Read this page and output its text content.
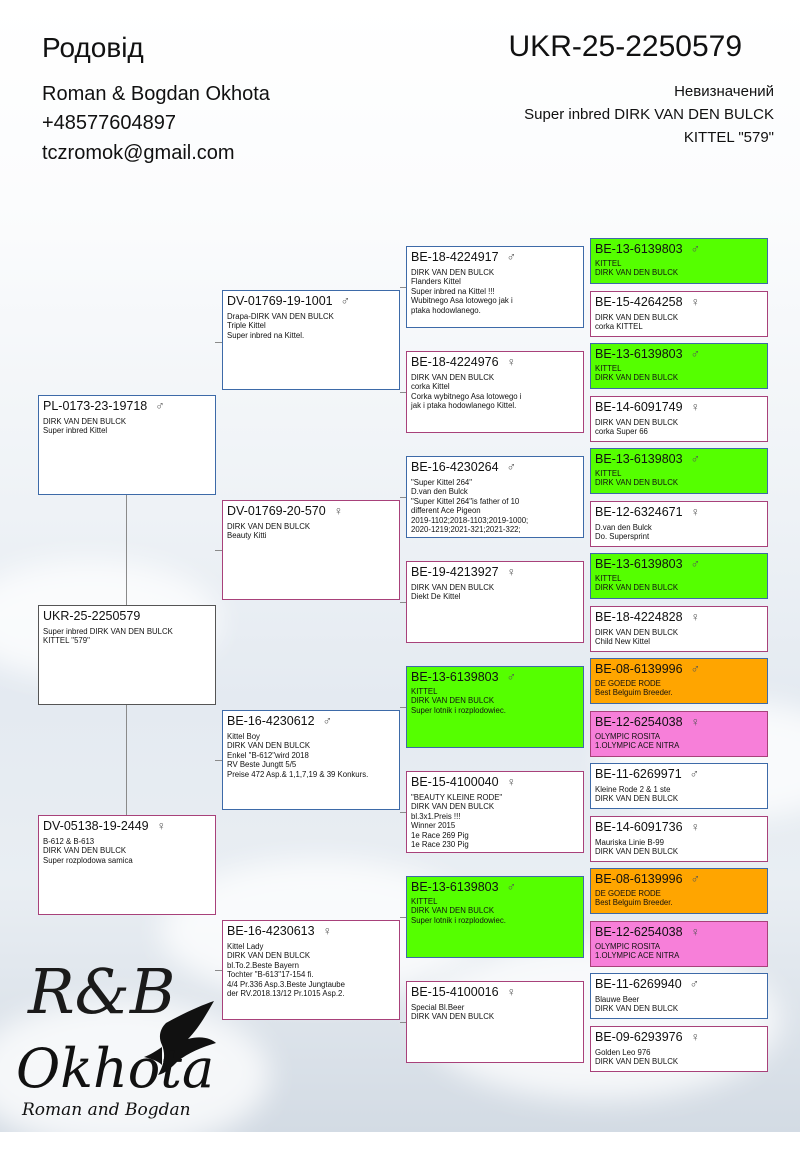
Родовід	UKR-25-2250579
Roman & Bogdan Okhota
+48577604897
tczromok@gmail.com
Невизначений
Super inbred DIRK VAN DEN BULCK
KITTEL "579"
PL-0173-23-19718 ♂
DIRK VAN DEN BULCK
Super inbred Kittel
UKR-25-2250579
Super inbred DIRK VAN DEN BULCK
KITTEL "579"
DV-05138-19-2449 ♀
B-612 & B-613
DIRK VAN DEN BULCK
Super rozplodowa samica
DV-01769-19-1001 ♂
Drapa-DIRK VAN DEN BULCK
Triple Kittel
Super inbred na Kittel.
DV-01769-20-570 ♀
DIRK VAN DEN BULCK
Beauty Kitti
BE-16-4230612 ♂
Kittel Boy
DIRK VAN DEN BULCK
Enkel "B-612"wird 2018
RV Beste Jungtt 5/5
Preise 472 Asp.& 1,1,7,19 & 39 Konkurs.
BE-16-4230613 ♀
Kittel Lady
DIRK VAN DEN BULCK
bl.To.2.Beste Bayern
Tochter "B-613"17-154 fi.
4/4 Pr.336 Asp.3.Beste Jungtaube
der RV.2018.13/12 Pr.1015 Asp.2.
BE-18-4224917 ♂
DIRK VAN DEN BULCK
Flanders Kittel
Super inbred na Kittel !!!
Wubitnego Asa lotowego jak i
ptaka hodowlanego.
BE-18-4224976 ♀
DIRK VAN DEN BULCK
corka Kittel
Corka wybitnego Asa lotowego i
jak i ptaka hodowlanego Kittel.
BE-16-4230264 ♂
"Super Kittel 264"
D.van den Bulck
"Super Kittel 264"is father of 10
different Ace Pigeon
2019-1102;2018-1103;2019-1000;
2020-1219;2021-321;2021-322;
BE-19-4213927 ♀
DIRK VAN DEN BULCK
Diekt De Kittel
BE-13-6139803 ♂
KITTEL
DIRK VAN DEN BULCK
Super lotnik i rozplodowiec.
BE-15-4100040 ♀
"BEAUTY KLEINE RODE"
DIRK VAN DEN BULCK
bl.3x1.Preis !!!
Winner 2015
1e Race 269 Pig
1e Race 230 Pig
BE-13-6139803 ♂
KITTEL
DIRK VAN DEN BULCK
Super lotnik i rozplodowiec.
BE-15-4100016 ♀
Special Bl.Beer
DIRK VAN DEN BULCK
BE-13-6139803 ♂
KITTEL
DIRK VAN DEN BULCK
BE-15-4264258 ♀
DIRK VAN DEN BULCK
corka KITTEL
BE-13-6139803 ♂
KITTEL
DIRK VAN DEN BULCK
BE-14-6091749 ♀
DIRK VAN DEN BULCK
corka Super 66
BE-13-6139803 ♂
KITTEL
DIRK VAN DEN BULCK
BE-12-6324671 ♀
D.van den Bulck
Do. Supersprint
BE-13-6139803 ♂
KITTEL
DIRK VAN DEN BULCK
BE-18-4224828 ♀
DIRK VAN DEN BULCK
Child New Kittel
BE-08-6139996 ♂
DE GOEDE RODE
Best Belguim Breeder.
BE-12-6254038 ♀
OLYMPIC ROSITA
1.OLYMPIC ACE NITRA
BE-11-6269971 ♂
Kleine Rode 2 & 1 ste
DIRK VAN DEN BULCK
BE-14-6091736 ♀
Mauriska Linie B-99
DIRK VAN DEN BULCK
BE-08-6139996 ♂
DE GOEDE RODE
Best Belguim Breeder.
BE-12-6254038 ♀
OLYMPIC ROSITA
1.OLYMPIC ACE NITRA
BE-11-6269940 ♂
Blauwe Beer
DIRK VAN DEN BULCK
BE-09-6293976 ♀
Golden Leo 976
DIRK VAN DEN BULCK
R&B
Okhota
Roman and Bogdan
